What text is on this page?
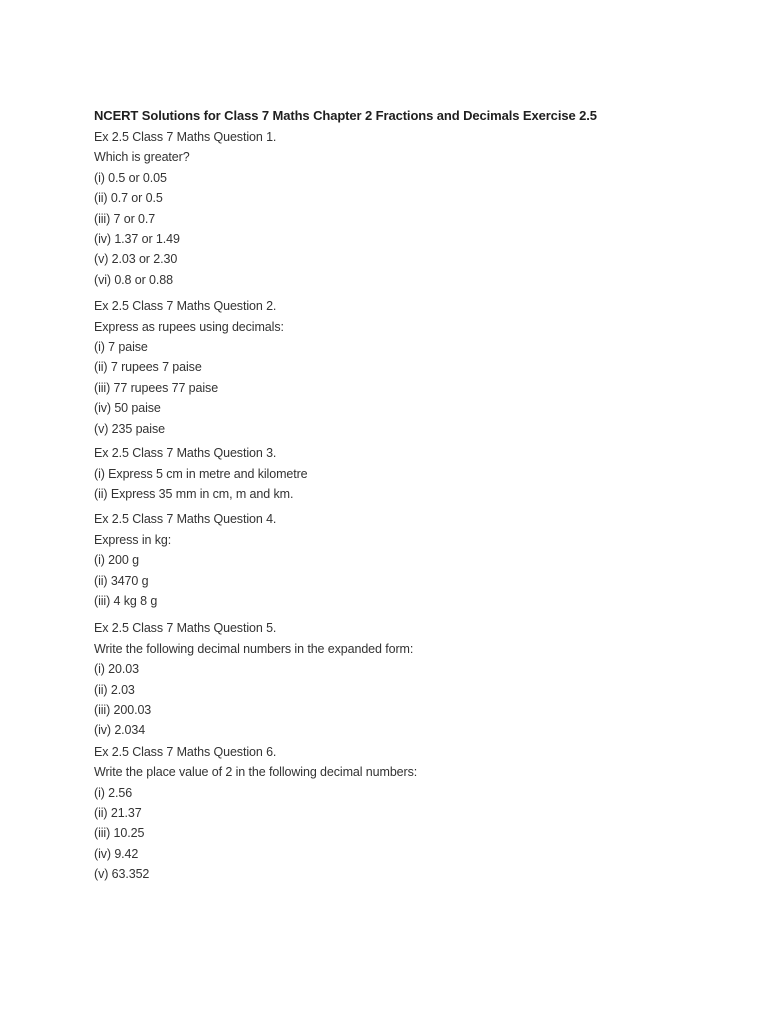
NCERT Solutions for Class 7 Maths Chapter 2 Fractions and Decimals Exercise 2.5
Ex 2.5 Class 7 Maths Question 1.
Which is greater?
(i) 0.5 or 0.05
(ii) 0.7 or 0.5
(iii) 7 or 0.7
(iv) 1.37 or 1.49
(v) 2.03 or 2.30
(vi) 0.8 or 0.88
Ex 2.5 Class 7 Maths Question 2.
Express as rupees using decimals:
(i) 7 paise
(ii) 7 rupees 7 paise
(iii) 77 rupees 77 paise
(iv) 50 paise
(v) 235 paise
Ex 2.5 Class 7 Maths Question 3.
(i) Express 5 cm in metre and kilometre
(ii) Express 35 mm in cm, m and km.
Ex 2.5 Class 7 Maths Question 4.
Express in kg:
(i) 200 g
(ii) 3470 g
(iii) 4 kg 8 g
Ex 2.5 Class 7 Maths Question 5.
Write the following decimal numbers in the expanded form:
(i) 20.03
(ii) 2.03
(iii) 200.03
(iv) 2.034
Ex 2.5 Class 7 Maths Question 6.
Write the place value of 2 in the following decimal numbers:
(i) 2.56
(ii) 21.37
(iii) 10.25
(iv) 9.42
(v) 63.352
